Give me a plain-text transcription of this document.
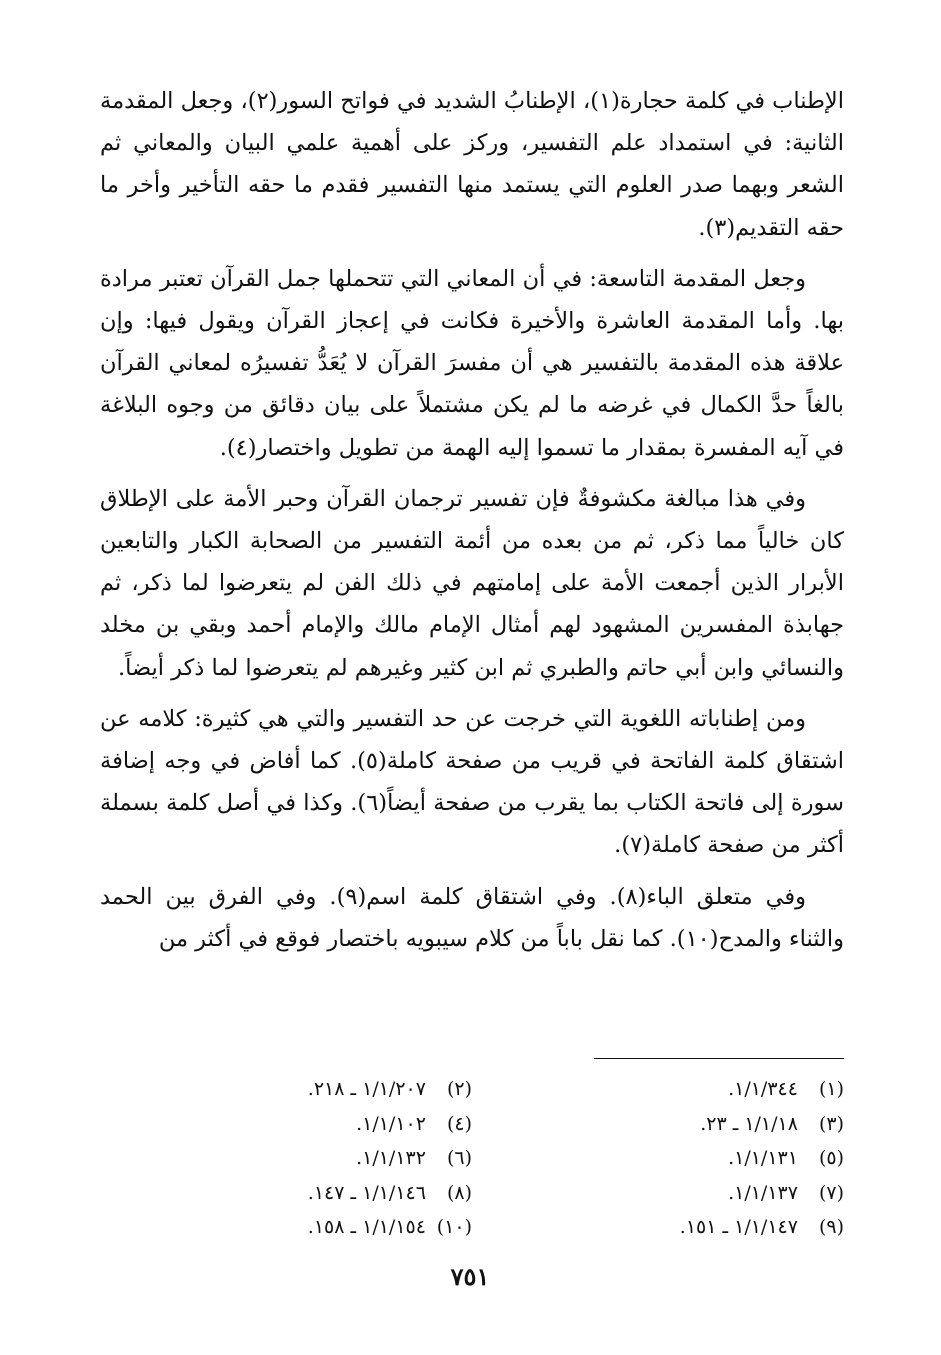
الإطناب في كلمة حجارة(١)، الإطنابُ الشديد في فواتح السور(٢)، وجعل المقدمة الثانية: في استمداد علم التفسير، وركز على أهمية علمي البيان والمعاني ثم الشعر وبهما صدر العلوم التي يستمد منها التفسير فقدم ما حقه التأخير وأخر ما حقه التقديم(٣).

وجعل المقدمة التاسعة: في أن المعاني التي تتحملها جمل القرآن تعتبر مرادة بها. وأما المقدمة العاشرة والأخيرة فكانت في إعجاز القرآن ويقول فيها: وإن علاقة هذه المقدمة بالتفسير هي أن مفسرَ القرآن لا يُعَدُّ تفسيرُه لمعاني القرآن بالغاً حدَّ الكمال في غرضه ما لم يكن مشتملاً على بيان دقائق من وجوه البلاغة في آيه المفسرة بمقدار ما تسموا إليه الهمة من تطويل واختصار(٤).

وفي هذا مبالغة مكشوفةٌ فإن تفسير ترجمان القرآن وحبر الأمة على الإطلاق كان خالياً مما ذكر، ثم من بعده من أئمة التفسير من الصحابة الكبار والتابعين الأبرار الذين أجمعت الأمة على إمامتهم في ذلك الفن لم يتعرضوا لما ذكر، ثم جهابذة المفسرين المشهود لهم أمثال الإمام مالك والإمام أحمد وبقي بن مخلد والنسائي وابن أبي حاتم والطبري ثم ابن كثير وغيرهم لم يتعرضوا لما ذكر أيضاً.

ومن إطناباته اللغوية التي خرجت عن حد التفسير والتي هي كثيرة: كلامه عن اشتقاق كلمة الفاتحة في قريب من صفحة كاملة(٥). كما أفاض في وجه إضافة سورة إلى فاتحة الكتاب بما يقرب من صفحة أيضاً(٦). وكذا في أصل كلمة بسملة أكثر من صفحة كاملة(٧).

وفي متعلق الباء(٨). وفي اشتقاق كلمة اسم(٩). وفي الفرق بين الحمد والثناء والمدح(١٠). كما نقل باباً من كلام سيبويه باختصار فوقع في أكثر من

(١) ١/١/٣٤٤.
(٢) ١/١/٢٠٧ ـ ٢١٨.
(٣) ١/١/١٨ ـ ٢٣.
(٤) ١/١/١٠٢.
(٥) ١/١/١٣١.
(٦) ١/١/١٣٢.
(٧) ١/١/١٣٧.
(٨) ١/١/١٤٦ ـ ١٤٧.
(٩) ١/١/١٤٧ ـ ١٥١.
(١٠) ١/١/١٥٤ ـ ١٥٨.
٧٥١
